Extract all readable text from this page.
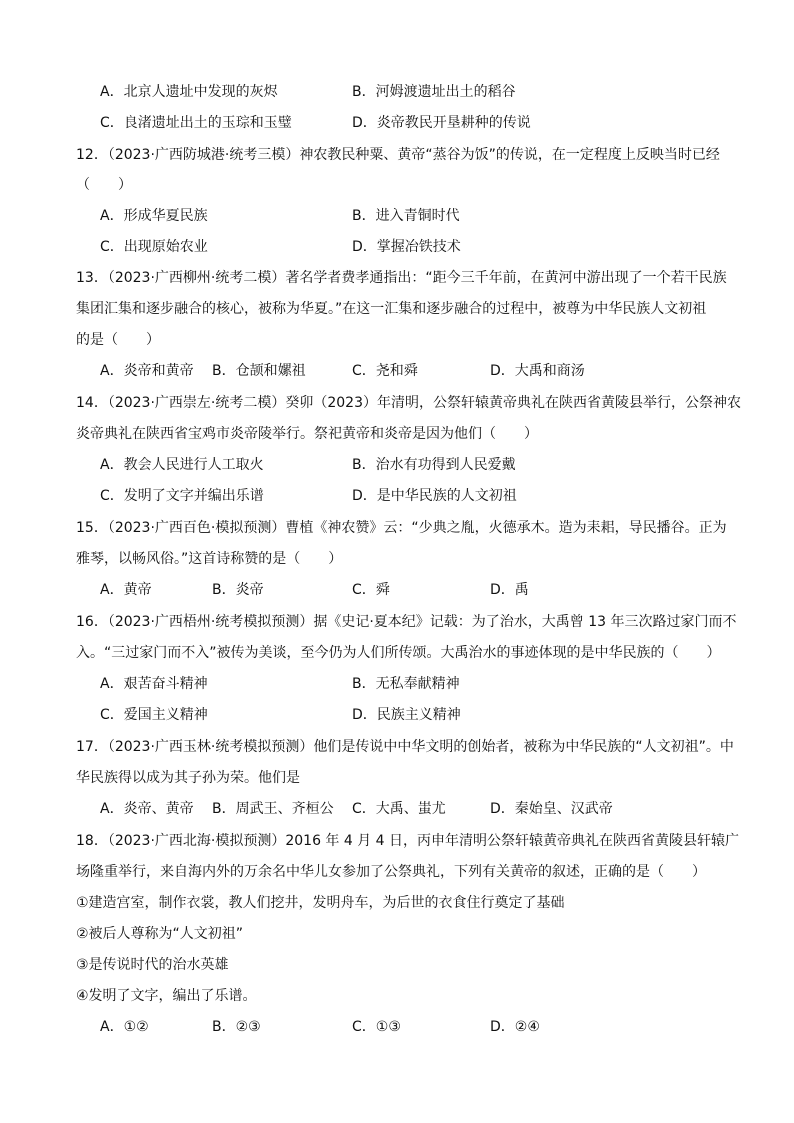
A．北京人遗址中发现的灰烬	B．河姆渡遗址出土的稻谷
C．良渚遗址出土的玉琮和玉璧	D．炎帝教民开垦耕种的传说
12．（2023·广西防城港·统考三模）神农教民种粟、黄帝“蒸谷为饭”的传说，在一定程度上反映当时已经
（　　）
A．形成华夏民族	B．进入青铜时代
C．出现原始农业	D．掌握冶铁技术
13．（2023·广西柳州·统考二模）著名学者费孝通指出：“距今三千年前，在黄河中游出现了一个若干民族
集团汇集和逐步融合的核心，被称为华夏。”在这一汇集和逐步融合的过程中，被尊为中华民族人文初祖
的是（　　）
A．炎帝和黄帝 B．仓颉和嫘祖	C．尧和舜	D．大禹和商汤
14．（2023·广西崇左·统考二模）癸卯（2023）年清明，公祭轩辕黄帝典礼在陕西省黄陵县举行，公祭神农
炎帝典礼在陕西省宝鸡市炎帝陵举行。祭祀黄帝和炎帝是因为他们（　　）
A．教会人民进行人工取火	B．治水有功得到人民爱戴
C．发明了文字并编出乐谱	D．是中华民族的人文初祖
15．（2023·广西百色·模拟预测）曹植《神农赞》云：“少典之胤，火德承木。造为耒耜，导民播谷。正为
雅琴，以畅风俗。”这首诗称赞的是（　　）
A．黄帝	B．炎帝	C．舜	D．禹
16．（2023·广西梧州·统考模拟预测）据《史记·夏本纪》记载：为了治水，大禹曾 13 年三次路过家门而不
入。“三过家门而不入”被传为美谈，至今仍为人们所传颂。大禹治水的事迹体现的是中华民族的（　　）
A．艰苦奋斗精神	B．无私奉献精神
C．爱国主义精神	D．民族主义精神
17．（2023·广西玉林·统考模拟预测）他们是传说中中华文明的创始者，被称为中华民族的“人文初祖”。中
华民族得以成为其子孙为荣。他们是
A．炎帝、黄帝 B．周武王、齐桓公 C．大禹、蚩尤	D．秦始皇、汉武帝
18．（2023·广西北海·模拟预测）2016 年 4 月 4 日，丙申年清明公祭轩辕黄帝典礼在陕西省黄陵县轩辕广
场隆重举行，来自海内外的万余名中华儿女参加了公祭典礼，下列有关黄帝的叙述，正确的是（　　）
①建造宫室，制作衣裳，教人们挖井，发明舟车，为后世的衣食住行奠定了基础
②被后人尊称为“人文初祖”
③是传说时代的治水英雄
④发明了文字，编出了乐谱。
A．①②	B．②③	C．①③	D．②④
